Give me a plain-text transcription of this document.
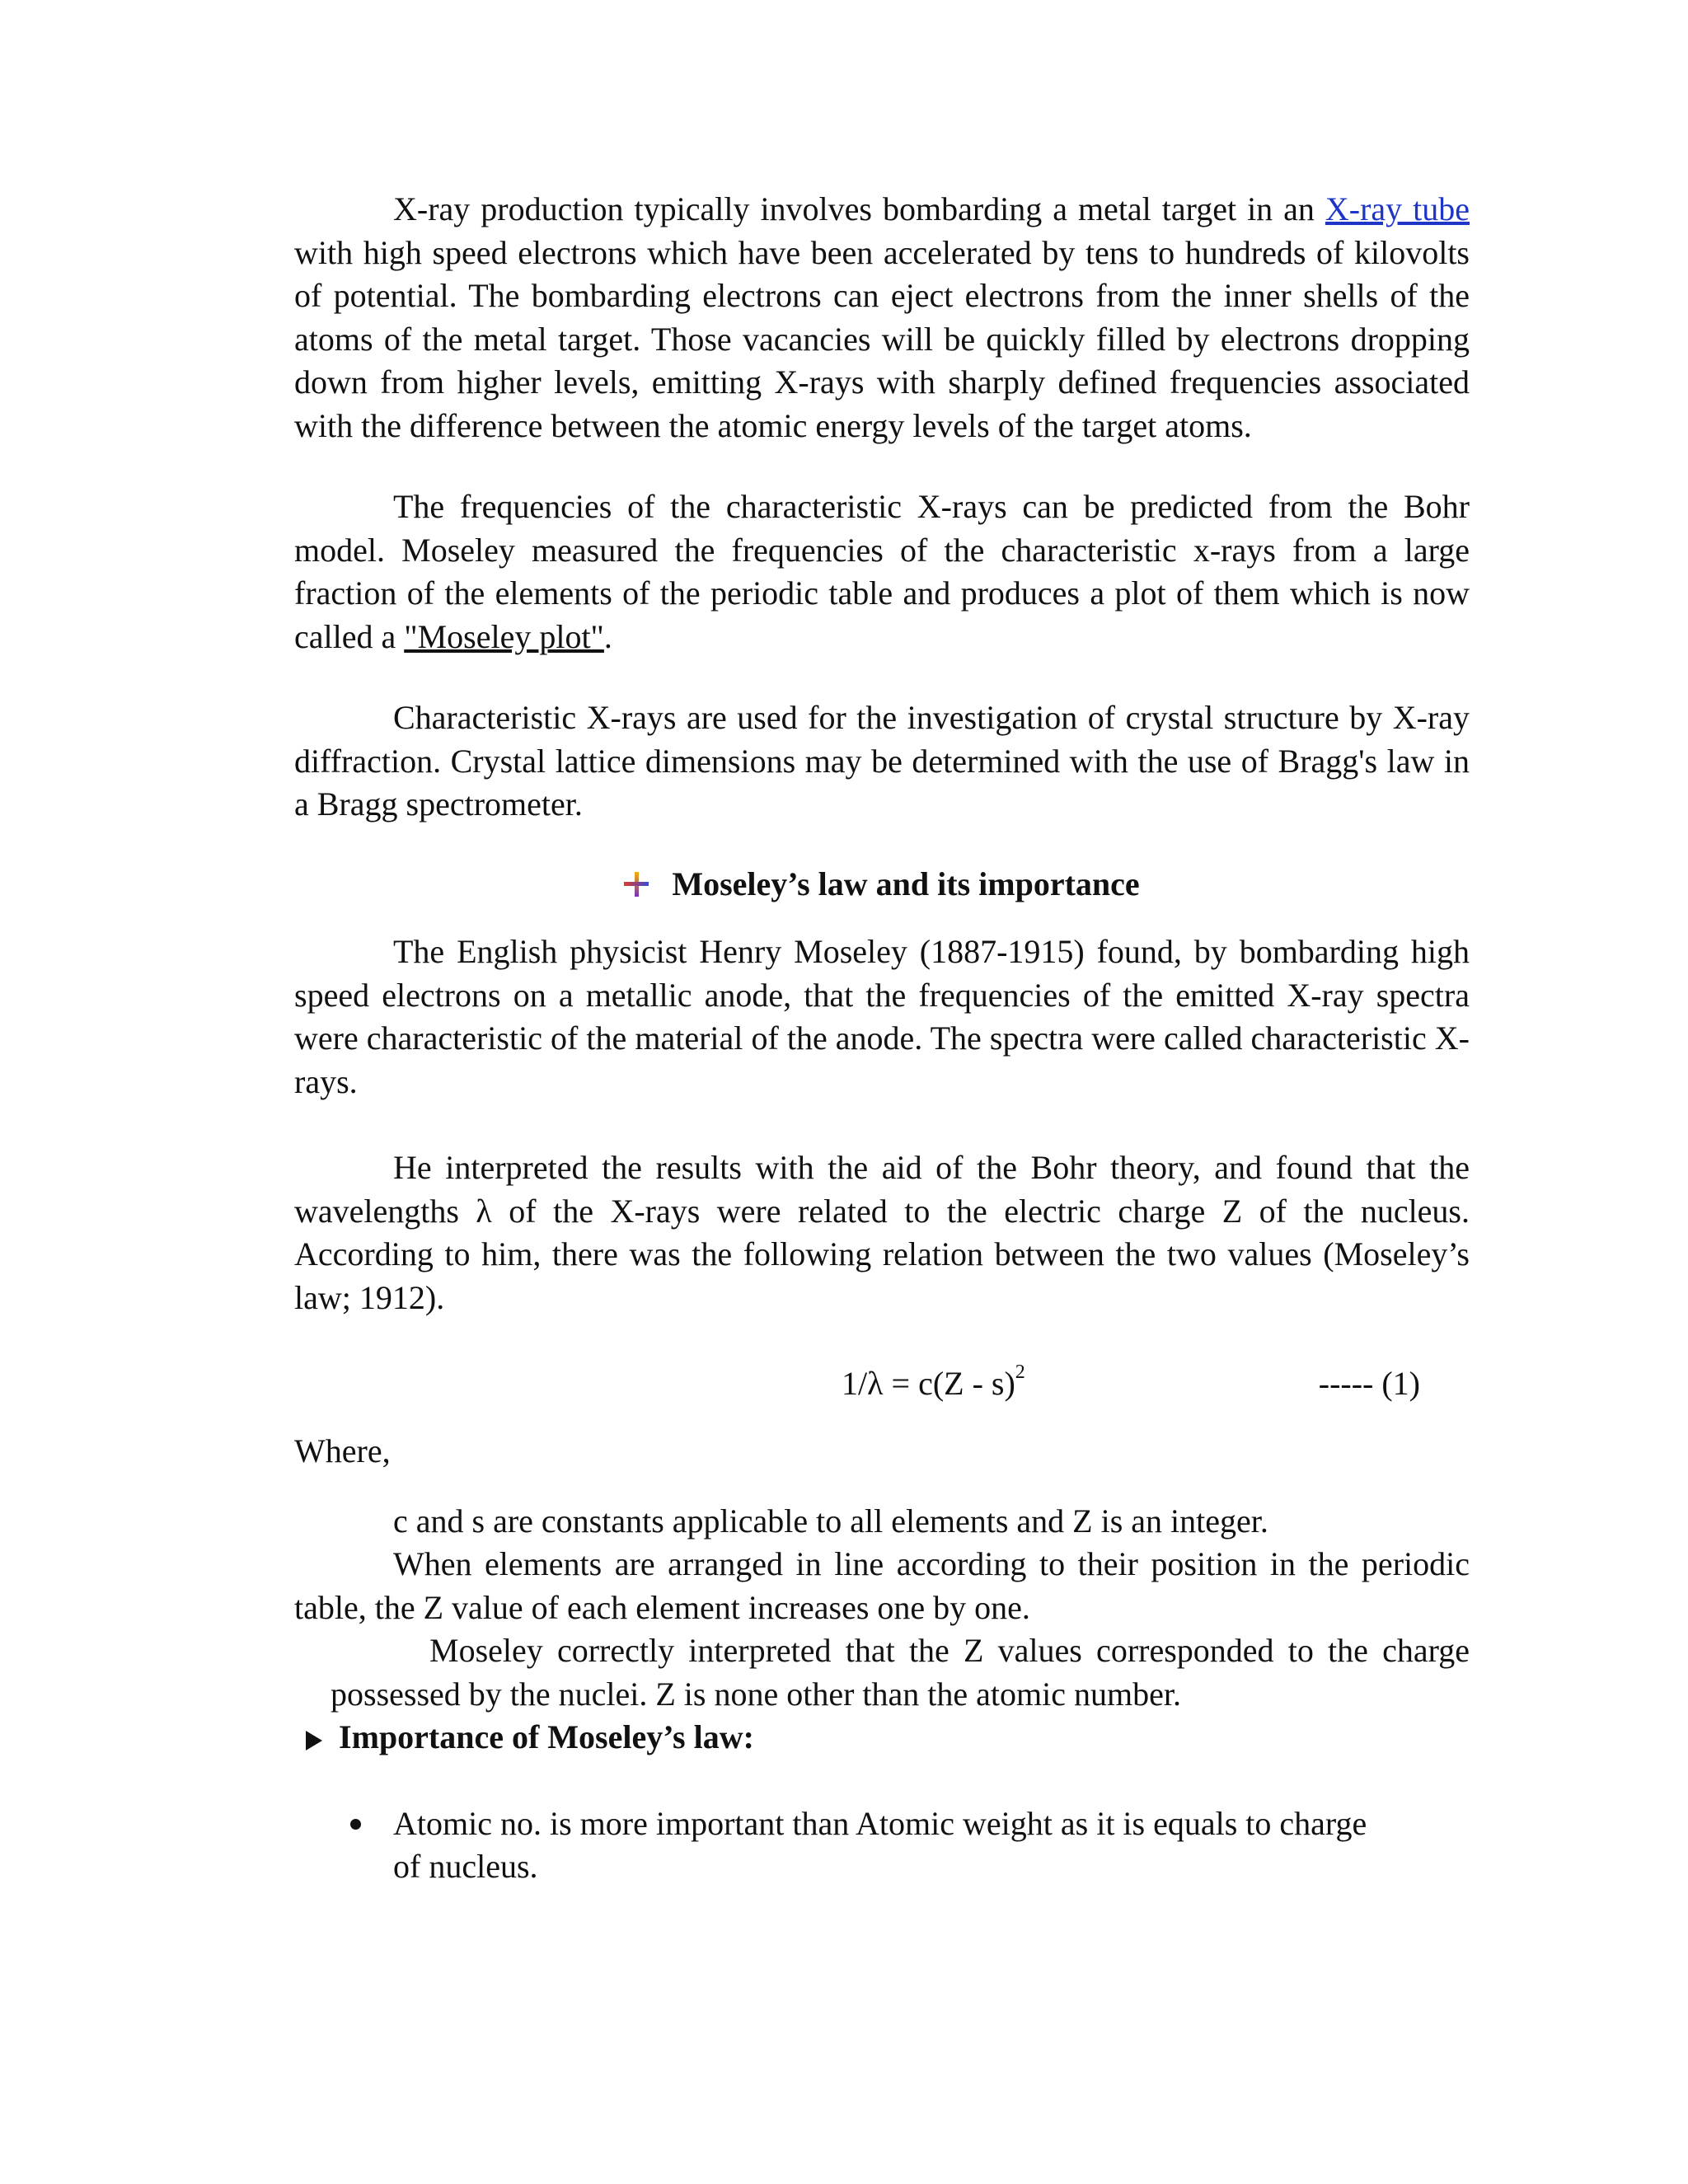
X-ray production typically involves bombarding a metal target in an X-ray tube with high speed electrons which have been accelerated by tens to hundreds of kilovolts of potential. The bombarding electrons can eject electrons from the inner shells of the atoms of the metal target. Those vacancies will be quickly filled by electrons dropping down from higher levels, emitting X-rays with sharply defined frequencies associated with the difference between the atomic energy levels of the target atoms.

The frequencies of the characteristic X-rays can be predicted from the Bohr model. Moseley measured the frequencies of the characteristic x-rays from a large fraction of the elements of the periodic table and produces a plot of them which is now called a "Moseley plot".

Characteristic X-rays are used for the investigation of crystal structure by X-ray diffraction. Crystal lattice dimensions may be determined with the use of Bragg's law in a Bragg spectrometer.

Moseley’s law and its importance

The English physicist Henry Moseley (1887-1915) found, by bombarding high speed electrons on a metallic anode, that the frequencies of the emitted X-ray spectra were characteristic of the material of the anode. The spectra were called characteristic X-rays.

He interpreted the results with the aid of the Bohr theory, and found that the wavelengths λ of the X-rays were related to the electric charge Z of the nucleus. According to him, there was the following relation between the two values (Moseley’s law; 1912).

1/λ = c(Z - s)$^2$	----- (1)

Where,

c and s are constants applicable to all elements and Z is an integer.

When elements are arranged in line according to their position in the periodic table, the Z value of each element increases one by one.

Moseley correctly interpreted that the Z values corresponded to the charge possessed by the nuclei. Z is none other than the atomic number.

Importance of Moseley’s law:

Atomic no. is more important than Atomic weight as it is equals to charge of nucleus.
